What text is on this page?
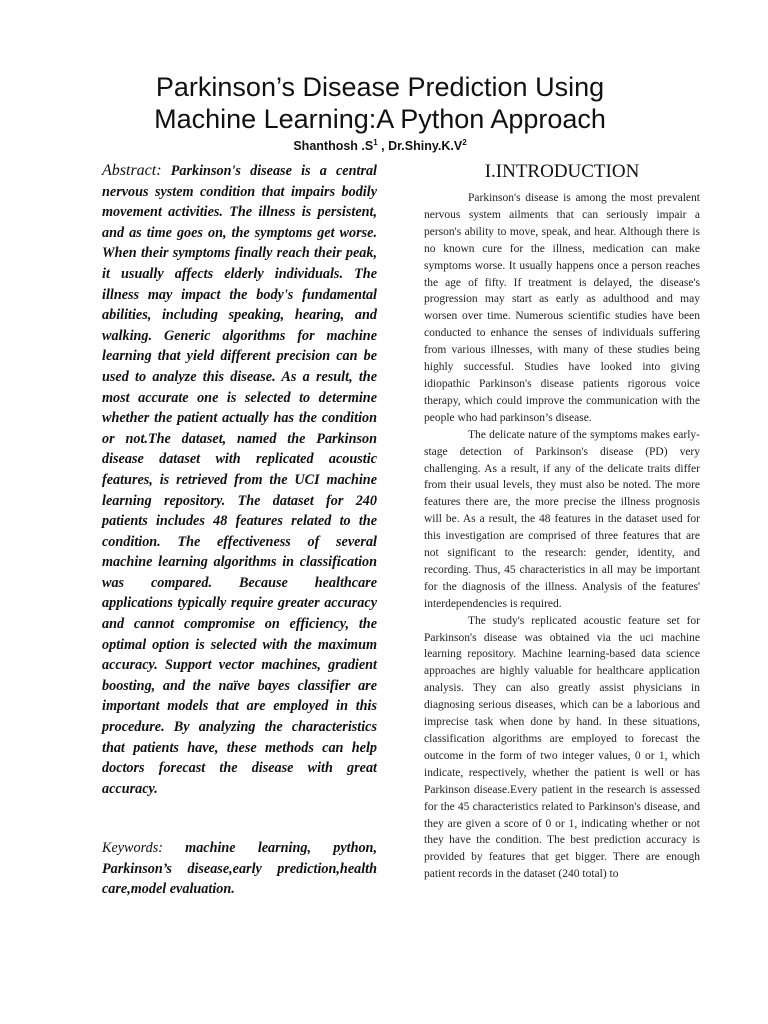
Parkinson’s Disease Prediction Using
Machine Learning:A Python Approach
Shanthosh $.S^1$ , $Dr.Shiny.K.V^2$
Abstract: Parkinson's disease is a central nervous system condition that impairs bodily movement activities. The illness is persistent, and as time goes on, the symptoms get worse. When their symptoms finally reach their peak, it usually affects elderly individuals. The illness may impact the body's fundamental abilities, including speaking, hearing, and walking. Generic algorithms for machine learning that yield different precision can be used to analyze this disease. As a result, the most accurate one is selected to determine whether the patient actually has the condition or not.The dataset, named the Parkinson disease dataset with replicated acoustic features, is retrieved from the UCI machine learning repository. The dataset for 240 patients includes 48 features related to the condition. The effectiveness of several machine learning algorithms in classification was compared. Because healthcare applications typically require greater accuracy and cannot compromise on efficiency, the optimal option is selected with the maximum accuracy. Support vector machines, gradient boosting, and the naïve bayes classifier are important models that are employed in this procedure. By analyzing the characteristics that patients have, these methods can help doctors forecast the disease with great accuracy.
Keywords: machine learning, python, Parkinson’s disease,early prediction,health care,model evaluation.
I.INTRODUCTION

Parkinson's disease is among the most prevalent nervous system ailments that can seriously impair a person's ability to move, speak, and hear. Although there is no known cure for the illness, medication can make symptoms worse. It usually happens once a person reaches the age of fifty. If treatment is delayed, the disease's progression may start as early as adulthood and may worsen over time. Numerous scientific studies have been conducted to enhance the senses of individuals suffering from various illnesses, with many of these studies being highly successful. Studies have looked into giving idiopathic Parkinson's disease patients rigorous voice therapy, which could improve the communication with the people who had parkinson’s disease.

The delicate nature of the symptoms makes early-stage detection of Parkinson's disease (PD) very challenging. As a result, if any of the delicate traits differ from their usual levels, they must also be noted. The more features there are, the more precise the illness prognosis will be. As a result, the 48 features in the dataset used for this investigation are comprised of three features that are not significant to the research: gender, identity, and recording. Thus, 45 characteristics in all may be important for the diagnosis of the illness. Analysis of the features' interdependencies is required.

The study's replicated acoustic feature set for Parkinson's disease was obtained via the uci machine learning repository. Machine learning-based data science approaches are highly valuable for healthcare application analysis. They can also greatly assist physicians in diagnosing serious diseases, which can be a laborious and imprecise task when done by hand. In these situations, classification algorithms are employed to forecast the outcome in the form of two integer values, 0 or 1, which indicate, respectively, whether the patient is well or has Parkinson disease.Every patient in the research is assessed for the 45 characteristics related to Parkinson's disease, and they are given a score of 0 or 1, indicating whether or not they have the condition. The best prediction accuracy is provided by features that get bigger. There are enough patient records in the dataset (240 total) to
